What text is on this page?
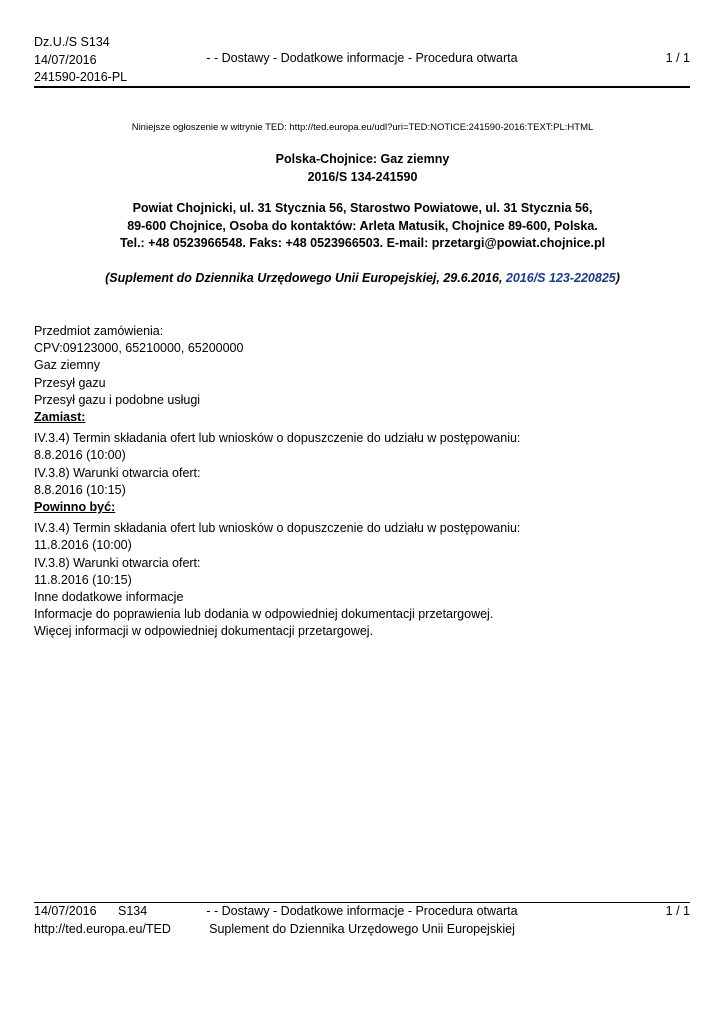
Dz.U./S S134
14/07/2016
241590-2016-PL
- - Dostawy - Dodatkowe informacje - Procedura otwarta	1 / 1
Niniejsze ogłoszenie w witrynie TED: http://ted.europa.eu/udl?uri=TED:NOTICE:241590-2016:TEXT:PL:HTML
Polska-Chojnice: Gaz ziemny
2016/S 134-241590
Powiat Chojnicki, ul. 31 Stycznia 56, Starostwo Powiatowe, ul. 31 Stycznia 56,
89-600 Chojnice, Osoba do kontaktów: Arleta Matusik, Chojnice 89-600, Polska.
Tel.: +48 0523966548. Faks: +48 0523966503. E-mail: przetargi@powiat.chojnice.pl
(Suplement do Dziennika Urzędowego Unii Europejskiej, 29.6.2016, 2016/S 123-220825)
Przedmiot zamówienia:
CPV:09123000, 65210000, 65200000
Gaz ziemny
Przesył gazu
Przesył gazu i podobne usługi
Zamiast:
IV.3.4) Termin składania ofert lub wniosków o dopuszczenie do udziału w postępowaniu:
8.8.2016 (10:00)
IV.3.8) Warunki otwarcia ofert:
8.8.2016 (10:15)
Powinno być:
IV.3.4) Termin składania ofert lub wniosków o dopuszczenie do udziału w postępowaniu:
11.8.2016 (10:00)
IV.3.8) Warunki otwarcia ofert:
11.8.2016 (10:15)
Inne dodatkowe informacje
Informacje do poprawienia lub dodania w odpowiedniej dokumentacji przetargowej.
Więcej informacji w odpowiedniej dokumentacji przetargowej.
14/07/2016 S134
http://ted.europa.eu/TED
- - Dostawy - Dodatkowe informacje - Procedura otwarta
Suplement do Dziennika Urzędowego Unii Europejskiej
1 / 1
